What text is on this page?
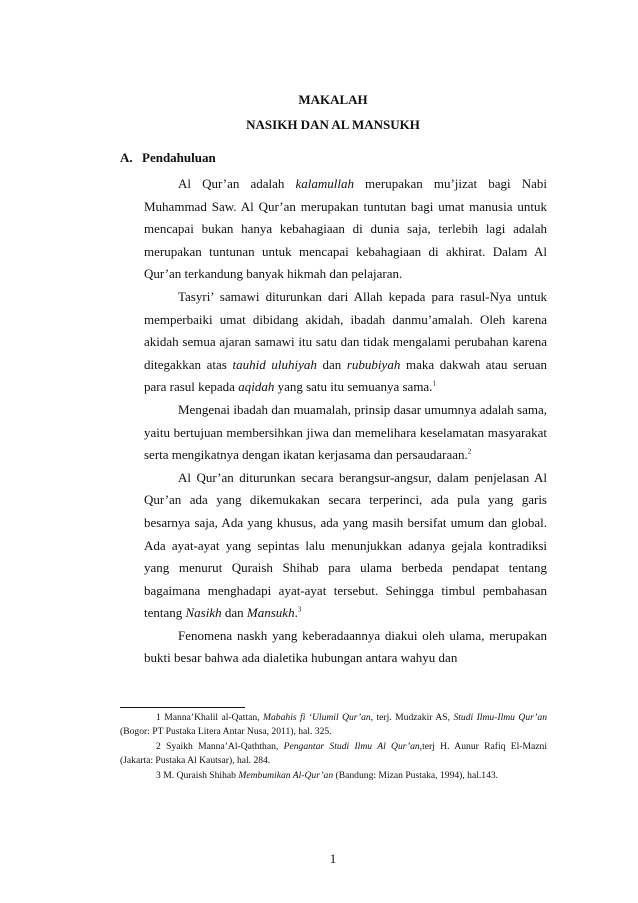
MAKALAH
NASIKH DAN AL MANSUKH
A. Pendahuluan

Al Qur’an adalah kalamullah merupakan mu’jizat bagi Nabi Muhammad Saw. Al Qur’an merupakan tuntutan bagi umat manusia untuk mencapai bukan hanya kebahagiaan di dunia saja, terlebih lagi adalah merupakan tuntunan untuk mencapai kebahagiaan di akhirat. Dalam Al Qur’an terkandung banyak hikmah dan pelajaran.

Tasyri’ samawi diturunkan dari Allah kepada para rasul-Nya untuk memperbaiki umat dibidang akidah, ibadah danmu’amalah. Oleh karena akidah semua ajaran samawi itu satu dan tidak mengalami perubahan karena ditegakkan atas tauhid uluhiyah dan rububiyah maka dakwah atau seruan para rasul kepada aqidah yang satu itu semuanya sama.$^1$

Mengenai ibadah dan muamalah, prinsip dasar umumnya adalah sama, yaitu bertujuan membersihkan jiwa dan memelihara keselamatan masyarakat serta mengikatnya dengan ikatan kerjasama dan persaudaraan.$^2$

Al Qur’an diturunkan secara berangsur-angsur, dalam penjelasan Al Qur’an ada yang dikemukakan secara terperinci, ada pula yang garis besarnya saja, Ada yang khusus, ada yang masih bersifat umum dan global. Ada ayat-ayat yang sepintas lalu menunjukkan adanya gejala kontradiksi yang menurut Quraish Shihab para ulama berbeda pendapat tentang bagaimana menghadapi ayat-ayat tersebut. Sehingga timbul pembahasan tentang Nasikh dan Mansukh.$^3$

Fenomena naskh yang keberadaannya diakui oleh ulama, merupakan bukti besar bahwa ada dialetika hubungan antara wahyu dan

1 Manna’Khalil al-Qattan, Mabahis fi ‘Ulumil Qur’an, terj. Mudzakir AS, Studi Ilmu-Ilmu Qur’an (Bogor: PT Pustaka Litera Antar Nusa, 2011), hal. 325.

2 Syaikh Manna’Al-Qaththan, Pengantar Studi Ilmu Al Qur’an,terj H. Aunur Rafiq El-Mazni (Jakarta: Pustaka Al Kautsar), hal. 284.

3 M. Quraish Shihab Membumikan Al-Qur’an (Bandung: Mizan Pustaka, 1994), hal.143.

1
